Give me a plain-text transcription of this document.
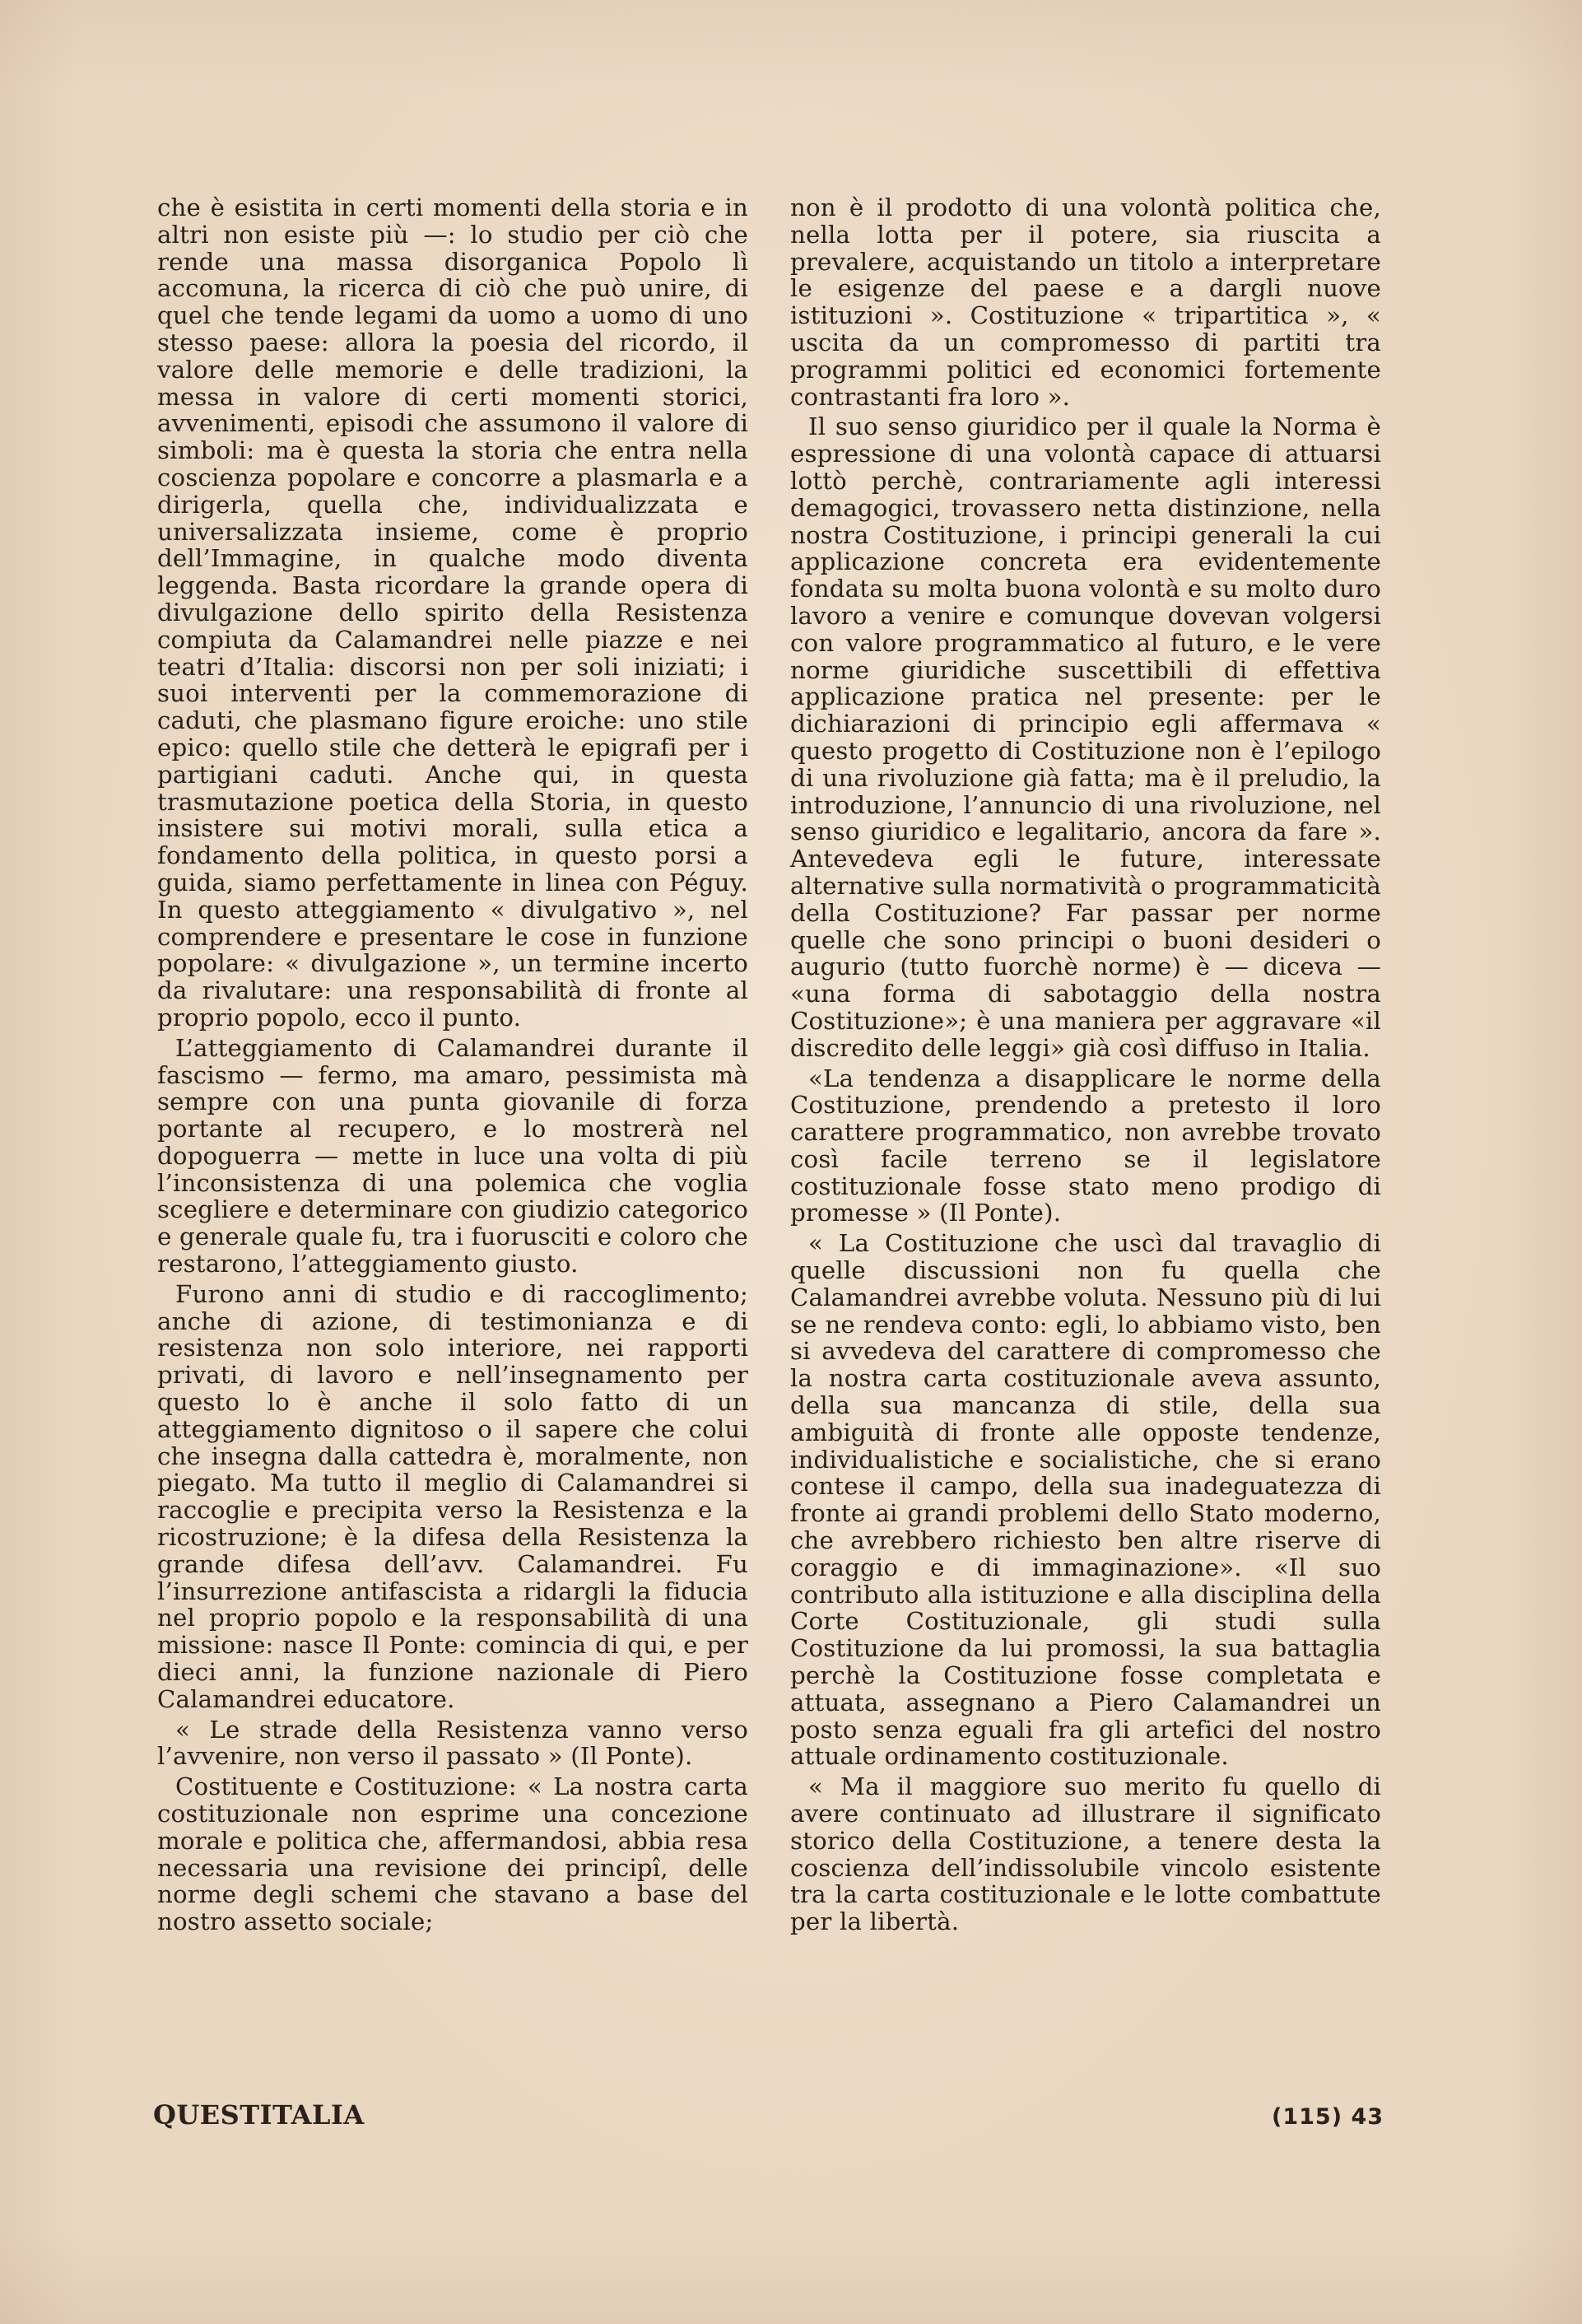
che è esistita in certi momenti della storia e in altri non esiste più —: lo studio per ciò che rende una massa disorganica Popolo lì accomuna, la ricerca di ciò che può unire, di quel che tende legami da uomo a uomo di uno stesso paese: allora la poesia del ricordo, il valore delle memorie e delle tradizioni, la messa in valore di certi momenti storici, avvenimenti, episodi che assumono il valore di simboli: ma è questa la storia che entra nella coscienza popolare e concorre a plasmarla e a dirigerla, quella che, individualizzata e universalizzata insieme, come è proprio dell’Immagine, in qualche modo diventa leggenda. Basta ricordare la grande opera di divulgazione dello spirito della Resistenza compiuta da Calamandrei nelle piazze e nei teatri d’Italia: discorsi non per soli iniziati; i suoi interventi per la commemorazione di caduti, che plasmano figure eroiche: uno stile epico: quello stile che detterà le epigrafi per i partigiani caduti. Anche qui, in questa trasmutazione poetica della Storia, in questo insistere sui motivi morali, sulla etica a fondamento della politica, in questo porsi a guida, siamo perfettamente in linea con Péguy. In questo atteggiamento « divulgativo », nel comprendere e presentare le cose in funzione popolare: « divulgazione », un termine incerto da rivalutare: una responsabilità di fronte al proprio popolo, ecco il punto.

L’atteggiamento di Calamandrei durante il fascismo — fermo, ma amaro, pessimista mà sempre con una punta giovanile di forza portante al recupero, e lo mostrerà nel dopoguerra — mette in luce una volta di più l’inconsistenza di una polemica che voglia scegliere e determinare con giudizio categorico e generale quale fu, tra i fuorusciti e coloro che restarono, l’atteggiamento giusto.

Furono anni di studio e di raccoglimento; anche di azione, di testimonianza e di resistenza non solo interiore, nei rapporti privati, di lavoro e nell’insegnamento per questo lo è anche il solo fatto di un atteggiamento dignitoso o il sapere che colui che insegna dalla cattedra è, moralmente, non piegato. Ma tutto il meglio di Calamandrei si raccoglie e precipita verso la Resistenza e la ricostruzione; è la difesa della Resistenza la grande difesa dell’avv. Calamandrei. Fu l’insurrezione antifascista a ridargli la fiducia nel proprio popolo e la responsabilità di una missione: nasce Il Ponte: comincia di qui, e per dieci anni, la funzione nazionale di Piero Calamandrei educatore.

« Le strade della Resistenza vanno verso l’avvenire, non verso il passato » (Il Ponte).

Costituente e Costituzione: « La nostra carta costituzionale non esprime una concezione morale e politica che, affermandosi, abbia resa necessaria una revisione dei principî, delle norme degli schemi che stavano a base del nostro assetto sociale;

non è il prodotto di una volontà politica che, nella lotta per il potere, sia riuscita a prevalere, acquistando un titolo a interpretare le esigenze del paese e a dargli nuove istituzioni ». Costituzione « tripartitica », « uscita da un compromesso di partiti tra programmi politici ed economici fortemente contrastanti fra loro ».

Il suo senso giuridico per il quale la Norma è espressione di una volontà capace di attuarsi lottò perchè, contrariamente agli interessi demagogici, trovassero netta distinzione, nella nostra Costituzione, i principi generali la cui applicazione concreta era evidentemente fondata su molta buona volontà e su molto duro lavoro a venire e comunque dovevan volgersi con valore programmatico al futuro, e le vere norme giuridiche suscettibili di effettiva applicazione pratica nel presente: per le dichiarazioni di principio egli affermava « questo progetto di Costituzione non è l’epilogo di una rivoluzione già fatta; ma è il preludio, la introduzione, l’annuncio di una rivoluzione, nel senso giuridico e legalitario, ancora da fare ». Antevedeva egli le future, interessate alternative sulla normatività o programmaticità della Costituzione? Far passar per norme quelle che sono principi o buoni desideri o augurio (tutto fuorchè norme) è — diceva — «una forma di sabotaggio della nostra Costituzione»; è una maniera per aggravare «il discredito delle leggi» già così diffuso in Italia.

«La tendenza a disapplicare le norme della Costituzione, prendendo a pretesto il loro carattere programmatico, non avrebbe trovato così facile terreno se il legislatore costituzionale fosse stato meno prodigo di promesse » (Il Ponte).

« La Costituzione che uscì dal travaglio di quelle discussioni non fu quella che Calamandrei avrebbe voluta. Nessuno più di lui se ne rendeva conto: egli, lo abbiamo visto, ben si avvedeva del carattere di compromesso che la nostra carta costituzionale aveva assunto, della sua mancanza di stile, della sua ambiguità di fronte alle opposte tendenze, individualistiche e socialistiche, che si erano contese il campo, della sua inadeguatezza di fronte ai grandi problemi dello Stato moderno, che avrebbero richiesto ben altre riserve di coraggio e di immaginazione». «Il suo contributo alla istituzione e alla disciplina della Corte Costituzionale, gli studi sulla Costituzione da lui promossi, la sua battaglia perchè la Costituzione fosse completata e attuata, assegnano a Piero Calamandrei un posto senza eguali fra gli artefici del nostro attuale ordinamento costituzionale.

« Ma il maggiore suo merito fu quello di avere continuato ad illustrare il significato storico della Costituzione, a tenere desta la coscienza dell’indissolubile vincolo esistente tra la carta costituzionale e le lotte combattute per la libertà.

QUESTITALIA	(115) 43
